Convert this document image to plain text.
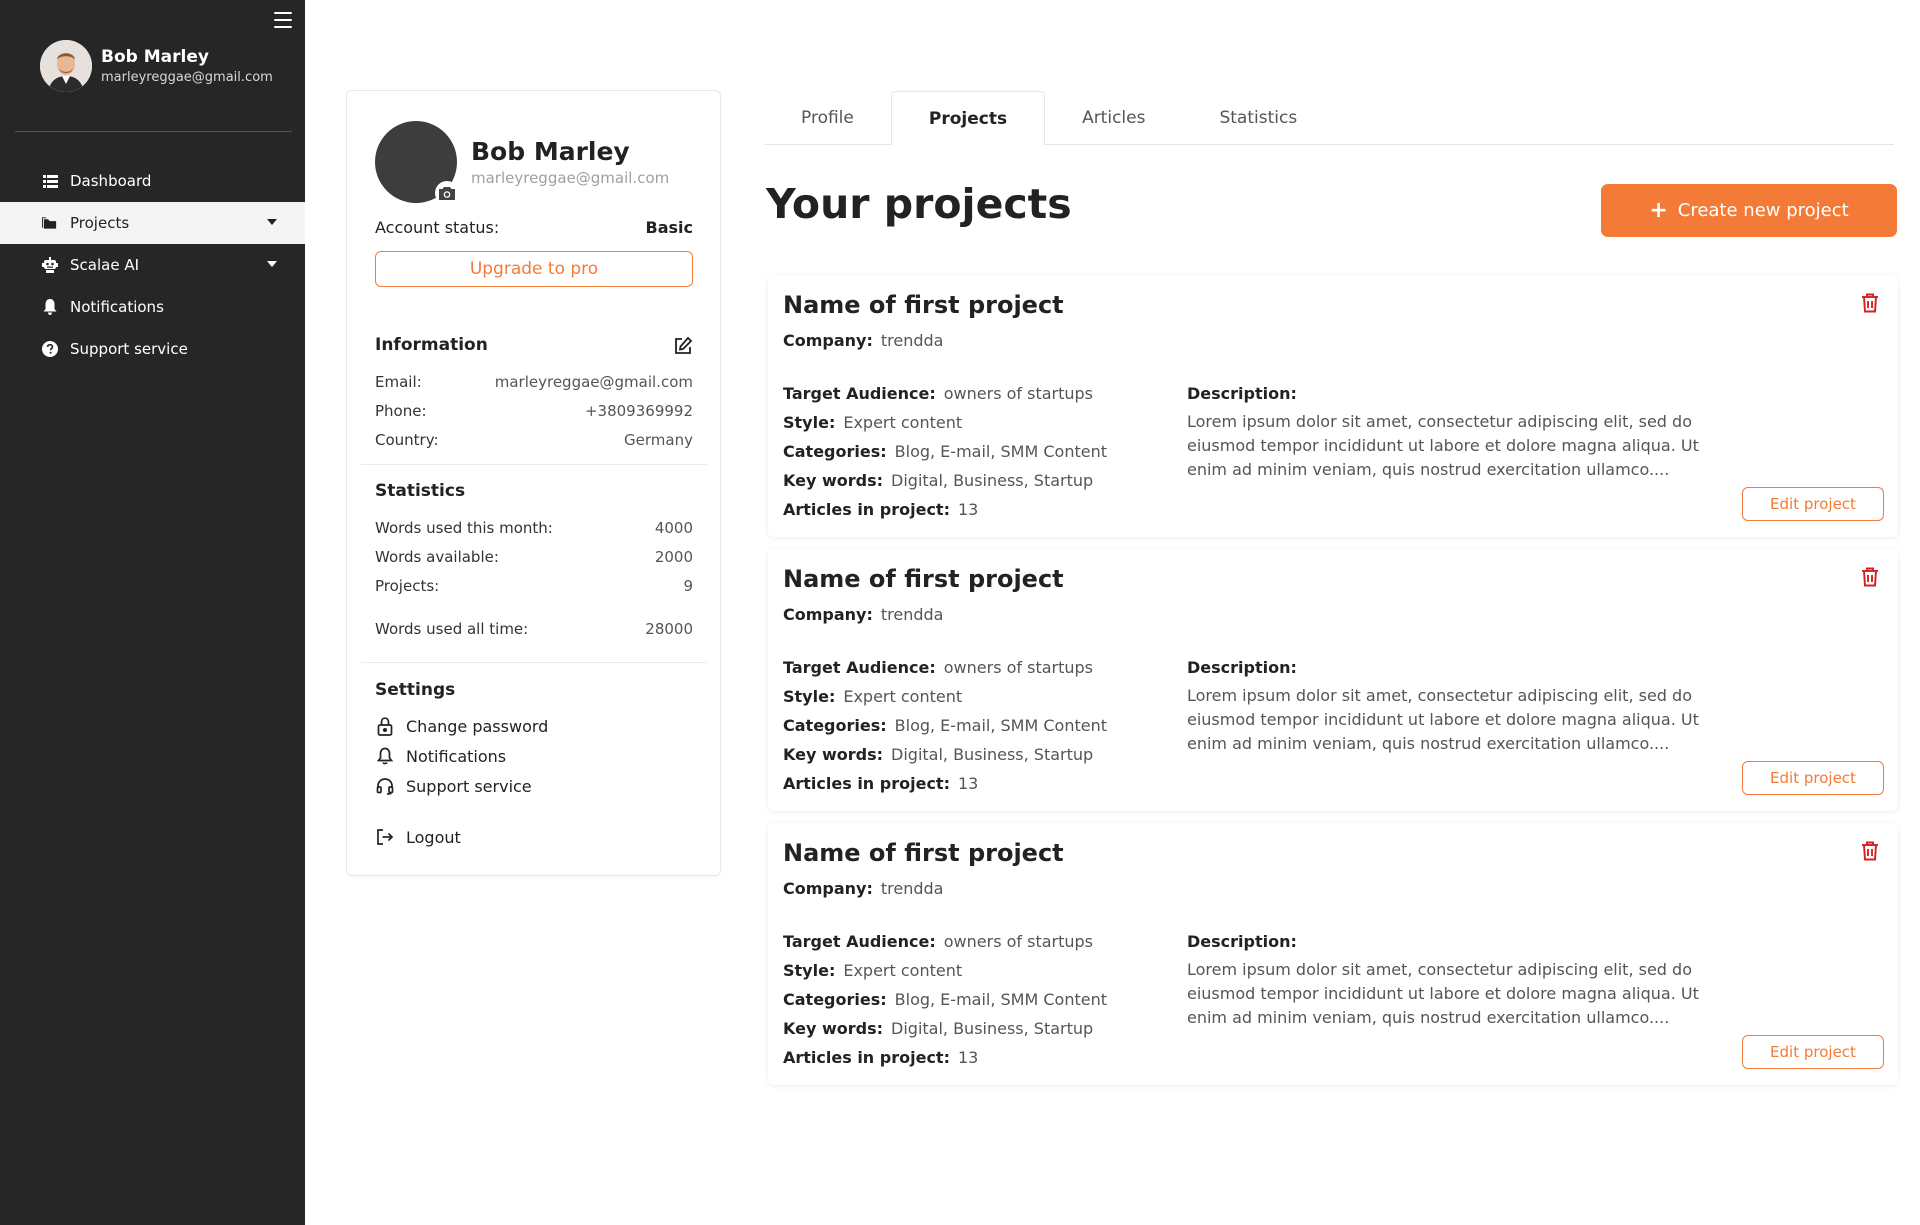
Bob Marley
marleyreggae@gmail.com
Dashboard
Projects
Scalae AI
Notifications
Support service
Bob Marley
marleyreggae@gmail.com
Account status:	Basic
Upgrade to pro
Information
Email:	marleyreggae@gmail.com
Phone:	+3809369992
Country:	Germany
Statistics
Words used this month:	4000
Words available:	2000
Projects:	9
Words used all time:	28000
Settings
Change password
Notifications
Support service
Logout
Profile	Projects	Articles	Statistics
Your projects	+ Create new project
Name of first project
Company: trendda
Target Audience: owners of startups
Style: Expert content
Categories: Blog, E-mail, SMM Content
Key words: Digital, Business, Startup
Articles in project: 13
Description:
Lorem ipsum dolor sit amet, consectetur adipiscing elit, sed do eiusmod tempor incididunt ut labore et dolore magna aliqua. Ut enim ad minim veniam, quis nostrud exercitation ullamco....
Edit project
Name of first project
Company: trendda
Target Audience: owners of startups
Style: Expert content
Categories: Blog, E-mail, SMM Content
Key words: Digital, Business, Startup
Articles in project: 13
Description:
Lorem ipsum dolor sit amet, consectetur adipiscing elit, sed do eiusmod tempor incididunt ut labore et dolore magna aliqua. Ut enim ad minim veniam, quis nostrud exercitation ullamco....
Edit project
Name of first project
Company: trendda
Target Audience: owners of startups
Style: Expert content
Categories: Blog, E-mail, SMM Content
Key words: Digital, Business, Startup
Articles in project: 13
Description:
Lorem ipsum dolor sit amet, consectetur adipiscing elit, sed do eiusmod tempor incididunt ut labore et dolore magna aliqua. Ut enim ad minim veniam, quis nostrud exercitation ullamco....
Edit project
